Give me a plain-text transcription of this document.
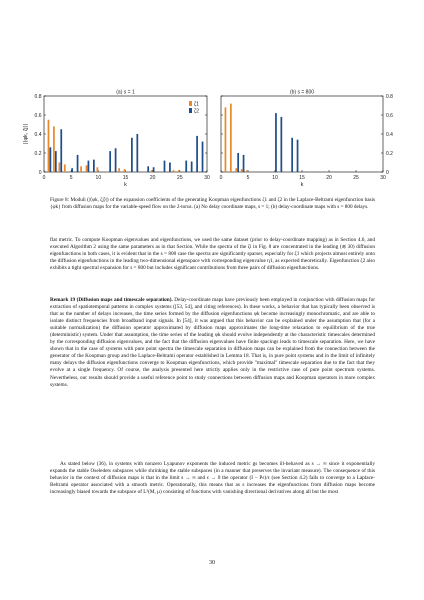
(a) s = 1
0
0.2
0.4
0.6
0.8
0	5	10	15	20	25	30
k
|⟨φk, ζj⟩|
ζ1
ζ2
(b) s = 800
0
0.2
0.4
0.6
0.8
0	5	10	15	20	25	30
k
Figure 8: Moduli (|⟨φk, ζj⟩|) of the expansion coefficients of the generating Koopman eigenfunctions ζ1 and ζ2 in the Laplace-Beltrami eigenfunction basis {φk} from diffusion maps for the variable-speed flow on the 2-torus. (a) No delay coordinate maps, s = 1; (b) delay-coordinate maps with s = 800 delays.

flat metric. To compute Koopman eigenvalues and eigenfunctions, we used the same dataset (prior to delay-coordinate mapping) as in Section 4.6, and executed Algorithm 2 using the same parameters as in that Section. While the spectra of the ζi in Fig. 8 are concentrated in the leading (≲ 30) diffusion eigenfunctions in both cases, it is evident that in the s = 800 case the spectra are significantly sparser, especially for ζ1 which projects almost entirely onto the diffusion eigenfunctions in the leading two-dimensional eigenspace with corresponding eigenvalue η1, as expected theoretically. Eigenfunction ζ2 also exhibits a tight spectral expansion for s = 800 but includes significant contributions from three pairs of diffusion eigenfunctions.

Remark 19 (Diffusion maps and timescale separation). Delay-coordinate maps have previously been employed in conjunction with diffusion maps for extraction of spatiotemporal patterns in complex systems ([53, 54], and citing references). In these works, a behavior that has typically been observed is that as the number of delays increases, the time series formed by the diffusion eigenfunctions φk become increasingly monochromatic, and are able to isolate distinct frequencies from broadband input signals. In [54], it was argued that this behavior can be explained under the assumption that (for a suitable normalization) the diffusion operator approximated by diffusion maps approximates the long-time relaxation to equilibrium of the true (deterministic) system. Under that assumption, the time series of the leading φk should evolve independently at the characteristic timescales determined by the corresponding diffusion eigenvalues, and the fact that the diffusion eigenvalues have finite spacings leads to timescale separation. Here, we have shown that in the case of systems with pure point spectra the timescale separation in diffusion maps can be explained from the connection between the generator of the Koopman group and the Laplace-Beltrami operator established in Lemma 18. That is, in pure point systems and in the limit of infinitely many delays the diffusion eigenfunctions converge to Koopman eigenfunctions, which provide "maximal" timescale separation due to the fact that they evolve at a single frequency. Of course, the analysis presented here strictly applies only in the restrictive case of pure point spectrum systems. Nevertheless, our results should provide a useful reference point to study connections between diffusion maps and Koopman operators in more complex systems.

As stated below (36), in systems with nonzero Lyapunov exponents the induced metric gs becomes ill-behaved as s → ∞ since it exponentially expands the stable Oseledets subspaces while shrinking the stable subspaces (in a manner that preserves the invariant measure). The consequence of this behavior in the context of diffusion maps is that in the limit s → ∞ and ϵ → 0 the operator (I − Pϵ)/ϵ (see Section 4.2) fails to converge to a Laplace-Beltrami operator associated with a smooth metric. Operationally, this means that as s increases the eigenfunctions from diffusion maps become increasingly biased towards the subspace of L²(M, μ) consisting of functions with vanishing directional derivatives along all but the most

30
